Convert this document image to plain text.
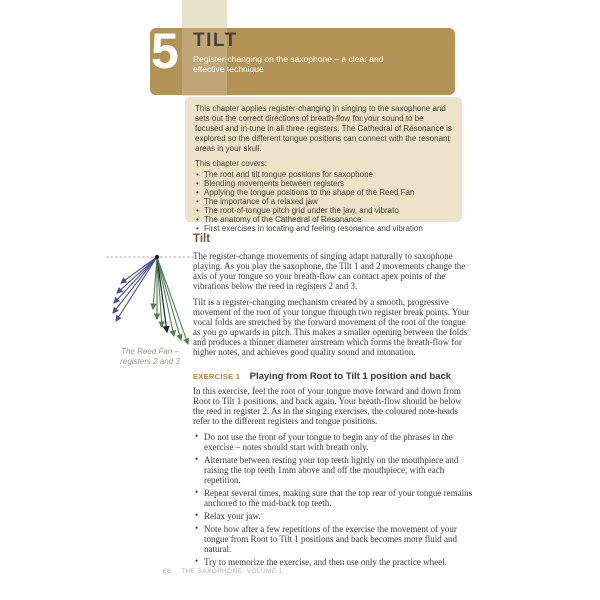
5 TILT
Register-changing on the saxophone – a clear and effective technique

This chapter applies register-changing in singing to the saxophone and sets out the correct directions of breath-flow for your sound to be focused and in-tune in all three registers. The Cathedral of Resonance is explored so the different tongue positions can connect with the resonant areas in your skull.

This chapter covers:
• The root and tilt tongue positions for saxophone
• Blending movements between registers
• Applying the tongue positions to the shape of the Reed Fan
• The importance of a relaxed jaw
• The root-of-tongue pitch grid under the jaw, and vibrato
• The anatomy of the Cathedral of Resonance
• First exercises in locating and feeling resonance and vibration
The Reed Fan –
registers 2 and 3
Tilt

The register-change movements of singing adapt naturally to saxophone playing. As you play the saxophone, the Tilt 1 and 2 movements change the axis of your tongue so your breath-flow can contact apex points of the vibrations below the reed in registers 2 and 3.

Tilt is a register-changing mechanism created by a smooth, progressive movement of the root of your tongue through two register break points. Your vocal folds are stretched by the forward movement of the root of the tongue as you go upwards in pitch. This makes a smaller opening between the folds and produces a thinner diameter airstream which forms the breath-flow for higher notes, and achieves good quality sound and intonation.

EXERCISE 1 Playing from Root to Tilt 1 position and back

In this exercise, feel the root of your tongue move forward and down from Root to Tilt 1 positions, and back again. Your breath-flow should be below the reed in register 2. As in the singing exercises, the coloured note-heads refer to the different registers and tongue positions.

• Do not use the front of your tongue to begin any of the phrases in the exercise – notes should start with breath only.
• Alternate between resting your top teeth lightly on the mouthpiece and raising the top teeth 1mm above and off the mouthpiece, with each repetition.
• Repeat several times, making sure that the top rear of your tongue remains anchored to the mid-back top teeth.
• Relax your jaw.
• Note how after a few repetitions of the exercise the movement of your tongue from Root to Tilt 1 positions and back becomes more fluid and natural.
• Try to memorize the exercise, and then use only the practice wheel.
66 THE SAXOPHONE: VOLUME 1
